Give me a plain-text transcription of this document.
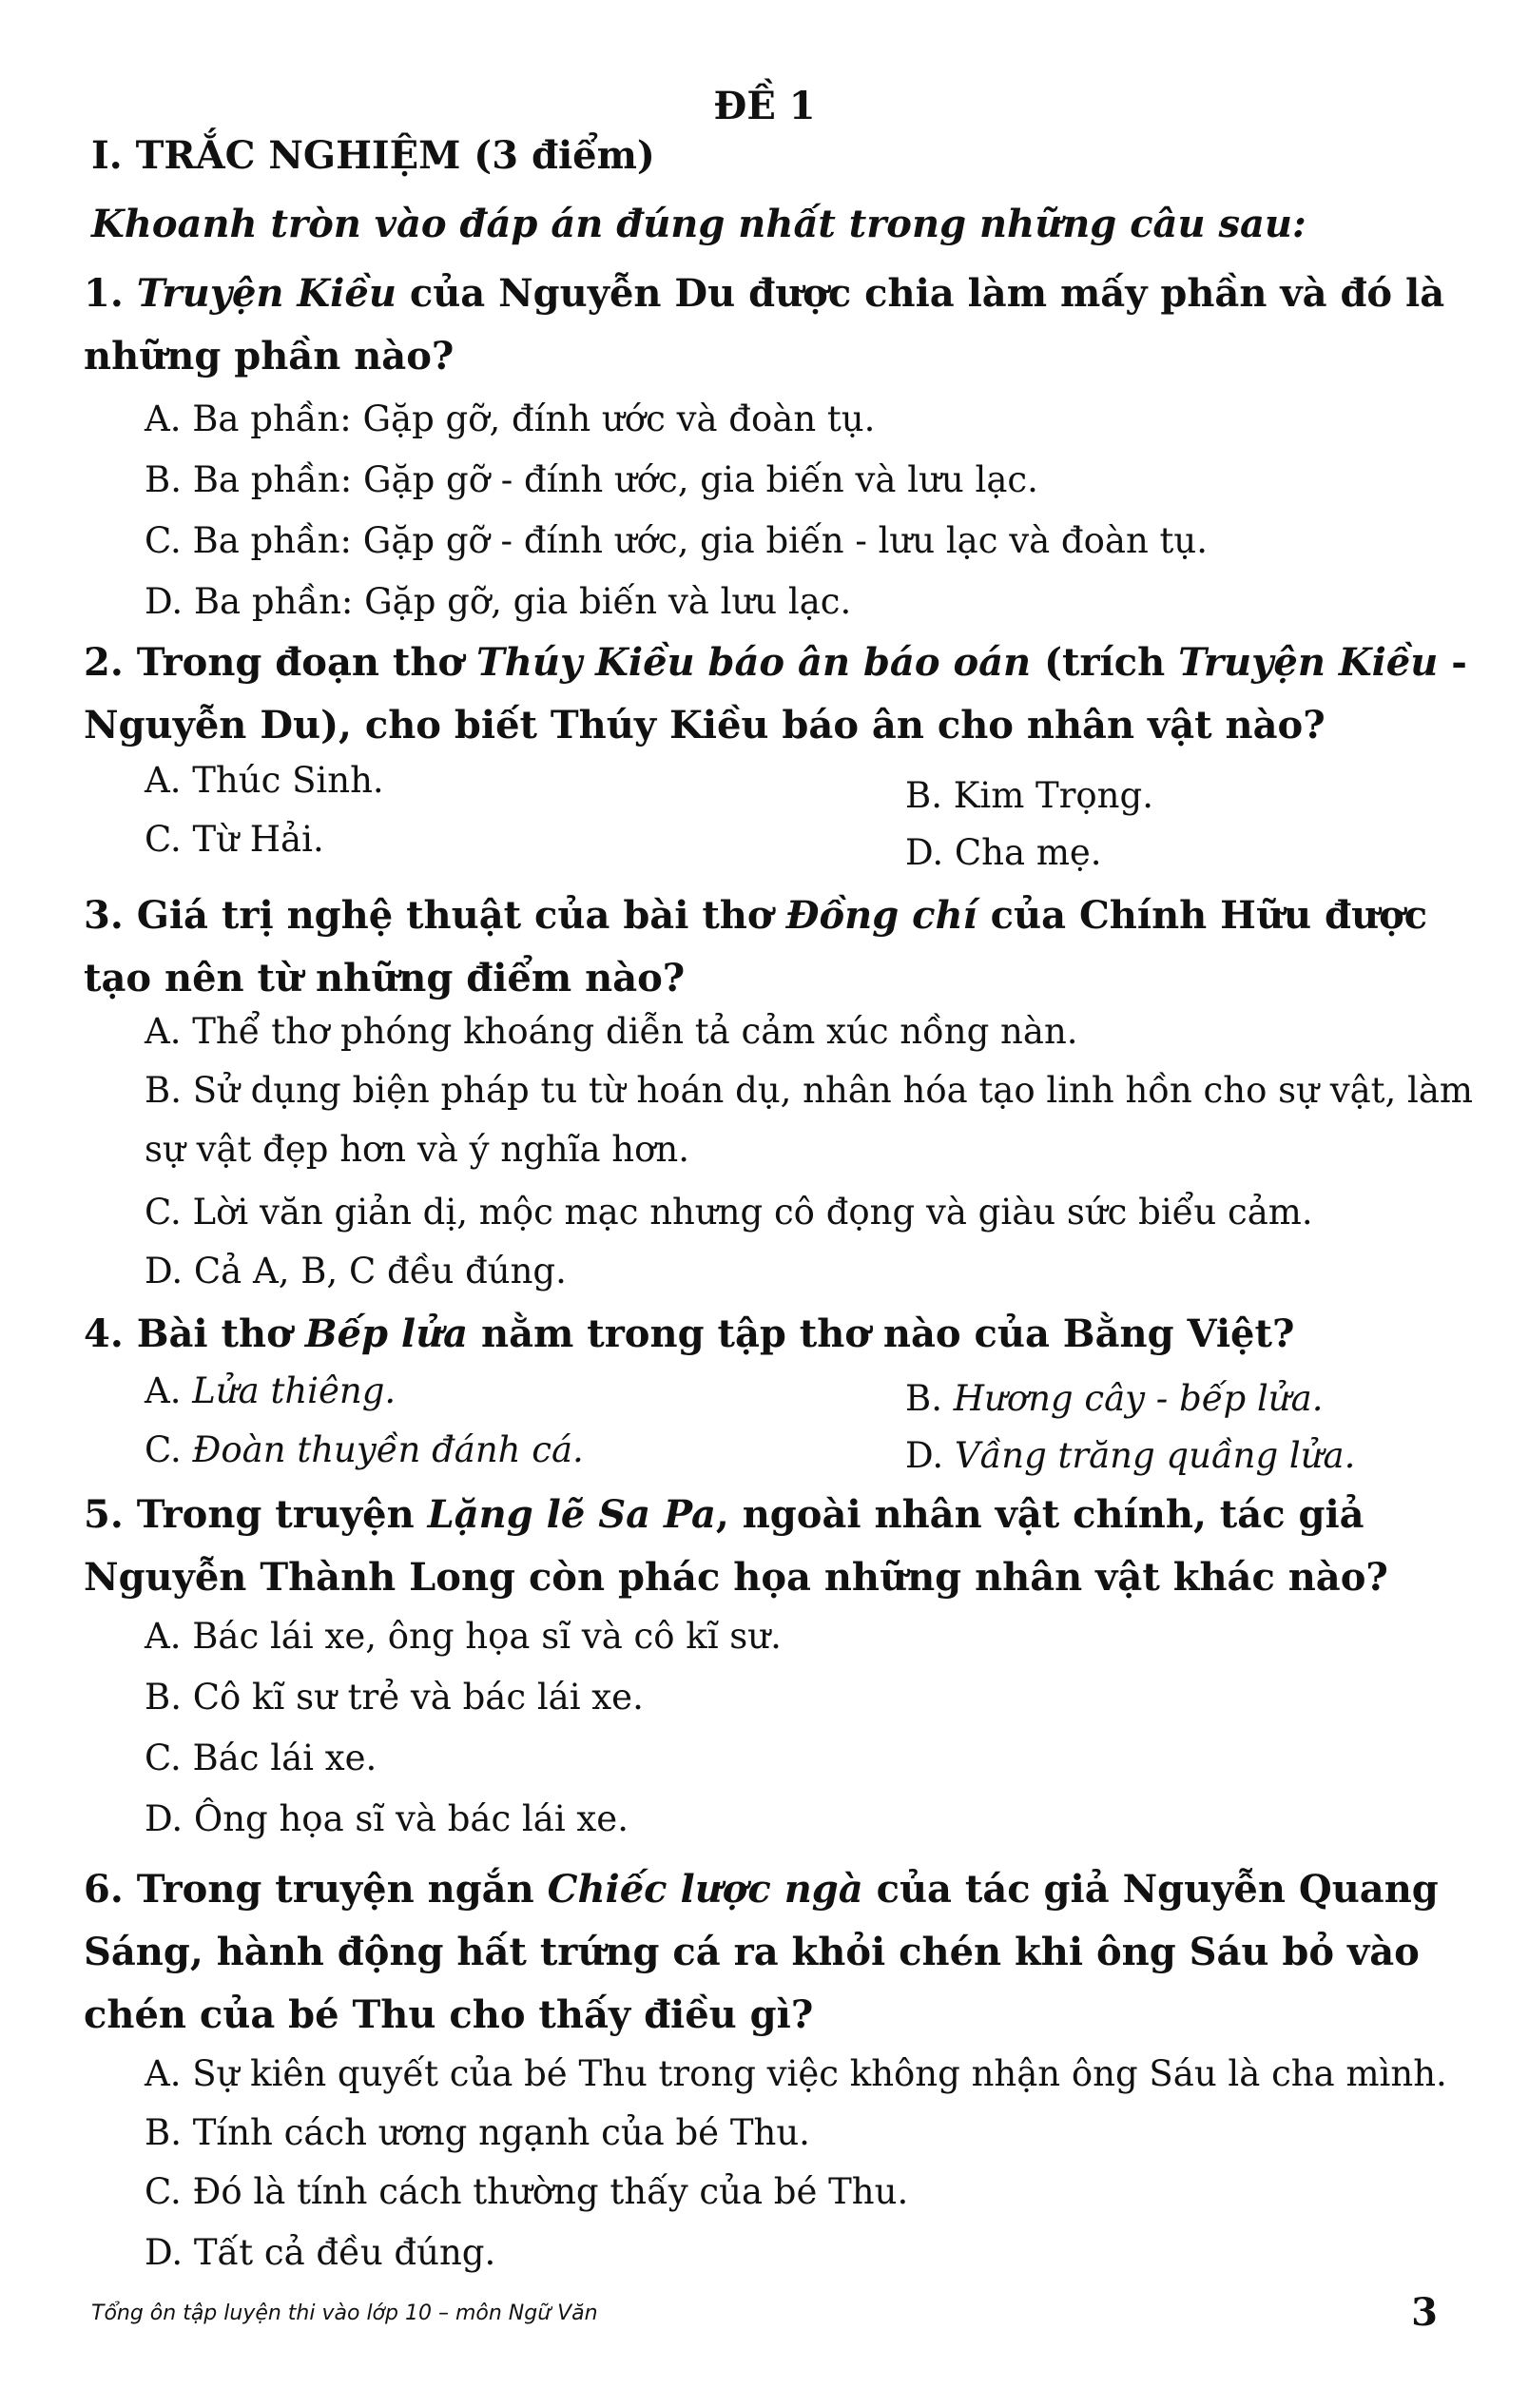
ĐỀ 1
I. TRẮC NGHIỆM (3 điểm)
Khoanh tròn vào đáp án đúng nhất trong những câu sau:
1. Truyện Kiều của Nguyễn Du được chia làm mấy phần và đó là những phần nào?
A. Ba phần: Gặp gỡ, đính ước và đoàn tụ.
B. Ba phần: Gặp gỡ - đính ước, gia biến và lưu lạc.
C. Ba phần: Gặp gỡ - đính ước, gia biến - lưu lạc và đoàn tụ.
D. Ba phần: Gặp gỡ, gia biến và lưu lạc.
2. Trong đoạn thơ Thúy Kiều báo ân báo oán (trích Truyện Kiều - Nguyễn Du), cho biết Thúy Kiều báo ân cho nhân vật nào?
A. Thúc Sinh.	B. Kim Trọng.
C. Từ Hải.	D. Cha mẹ.
3. Giá trị nghệ thuật của bài thơ Đồng chí của Chính Hữu được tạo nên từ những điểm nào?
A. Thể thơ phóng khoáng diễn tả cảm xúc nồng nàn.
B. Sử dụng biện pháp tu từ hoán dụ, nhân hóa tạo linh hồn cho sự vật, làm sự vật đẹp hơn và ý nghĩa hơn.
C. Lời văn giản dị, mộc mạc nhưng cô đọng và giàu sức biểu cảm.
D. Cả A, B, C đều đúng.
4. Bài thơ Bếp lửa nằm trong tập thơ nào của Bằng Việt?
A. Lửa thiêng.	B. Hương cây - bếp lửa.
C. Đoàn thuyền đánh cá.	D. Vầng trăng quầng lửa.
5. Trong truyện Lặng lẽ Sa Pa, ngoài nhân vật chính, tác giả Nguyễn Thành Long còn phác họa những nhân vật khác nào?
A. Bác lái xe, ông họa sĩ và cô kĩ sư.
B. Cô kĩ sư trẻ và bác lái xe.
C. Bác lái xe.
D. Ông họa sĩ và bác lái xe.
6. Trong truyện ngắn Chiếc lược ngà của tác giả Nguyễn Quang Sáng, hành động hất trứng cá ra khỏi chén khi ông Sáu bỏ vào chén của bé Thu cho thấy điều gì?
A. Sự kiên quyết của bé Thu trong việc không nhận ông Sáu là cha mình.
B. Tính cách ương ngạnh của bé Thu.
C. Đó là tính cách thường thấy của bé Thu.
D. Tất cả đều đúng.
Tổng ôn tập luyện thi vào lớp 10 – môn Ngữ Văn	3
